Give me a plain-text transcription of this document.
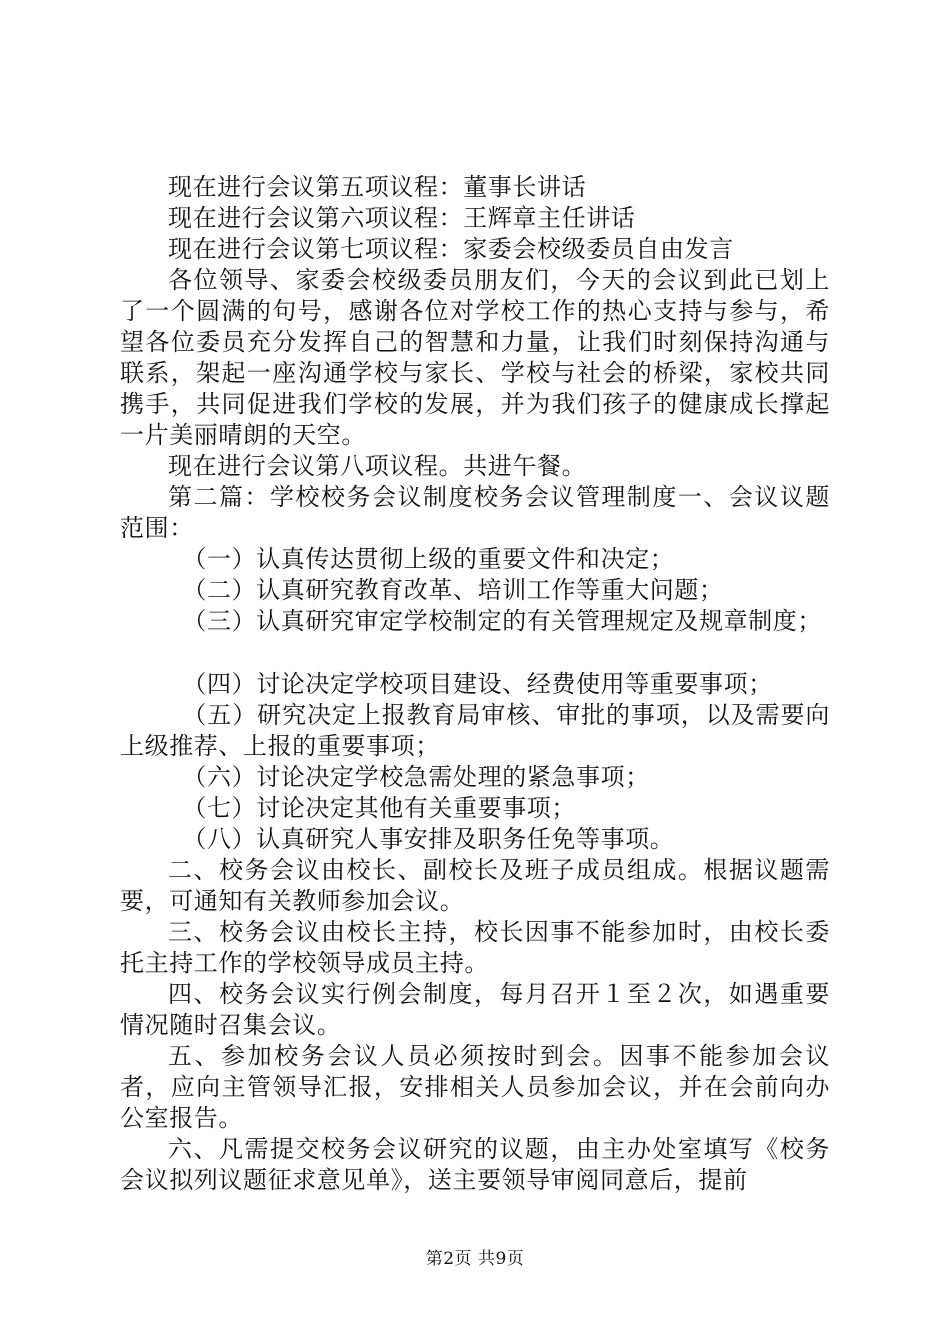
现在进行会议第五项议程：董事长讲话

现在进行会议第六项议程：王辉章主任讲话

现在进行会议第七项议程：家委会校级委员自由发言

各位领导、家委会校级委员朋友们，今天的会议到此已划上了一个圆满的句号，感谢各位对学校工作的热心支持与参与，希望各位委员充分发挥自己的智慧和力量，让我们时刻保持沟通与联系，架起一座沟通学校与家长、学校与社会的桥梁，家校共同携手，共同促进我们学校的发展，并为我们孩子的健康成长撑起一片美丽晴朗的天空。

现在进行会议第八项议程。共进午餐。

第二篇：学校校务会议制度校务会议管理制度一、会议议题范围：

（一）认真传达贯彻上级的重要文件和决定；

（二）认真研究教育改革、培训工作等重大问题；

（三）认真研究审定学校制定的有关管理规定及规章制度；

（四）讨论决定学校项目建设、经费使用等重要事项；

（五）研究决定上报教育局审核、审批的事项，以及需要向上级推荐、上报的重要事项；

（六）讨论决定学校急需处理的紧急事项；

（七）讨论决定其他有关重要事项；

（八）认真研究人事安排及职务任免等事项。

二、校务会议由校长、副校长及班子成员组成。根据议题需要，可通知有关教师参加会议。

三、校务会议由校长主持，校长因事不能参加时，由校长委托主持工作的学校领导成员主持。

四、校务会议实行例会制度，每月召开１至２次，如遇重要情况随时召集会议。

五、参加校务会议人员必须按时到会。因事不能参加会议者，应向主管领导汇报，安排相关人员参加会议，并在会前向办公室报告。

六、凡需提交校务会议研究的议题，由主办处室填写《校务会议拟列议题征求意见单》，送主要领导审阅同意后，提前

第2页 共9页
